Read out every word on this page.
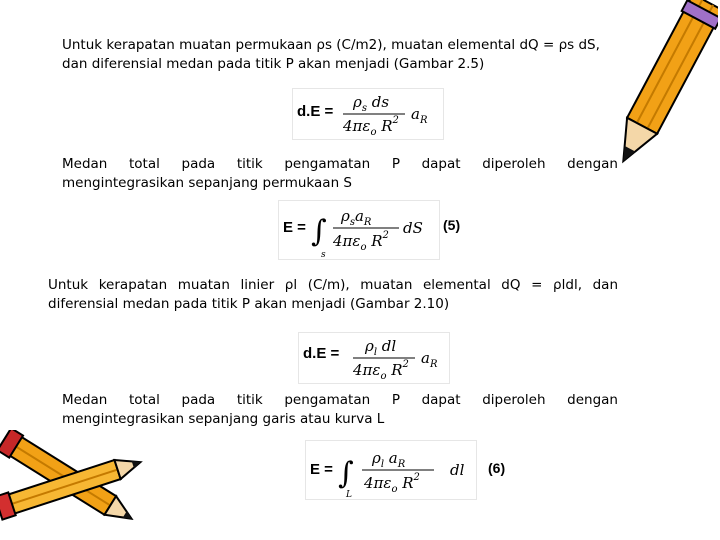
Untuk kerapatan muatan permukaan ρs (C/m2), muatan elemental dQ = ρs dS, dan diferensial medan pada titik P akan menjadi (Gambar 2.5)
d.E =
$\rho_s$ ds
$4\pi\varepsilon_o$ $R^2$ $a_R$
Medan total pada titik pengamatan P dapat diperoleh dengan
mengintegrasikan sepanjang permukaan S
E = ∫
s
$\rho_sa_R$
$4\pi\varepsilon_o$ $R^2$ dS (5)
Untuk kerapatan muatan linier ρl (C/m), muatan elemental dQ = ρldl, dan
diferensial medan pada titik P akan menjadi (Gambar 2.10)
$d.E = \rho_l$ dl
$4\pi\varepsilon_o$ $R^2$ $a_R$
Medan total pada titik pengamatan P dapat diperoleh dengan
mengintegrasikan sepanjang garis atau kurva L
E = ∫
L
$\rho_l$ $a_R$
$4\pi\varepsilon_o$ $R^2$ dl (6)
